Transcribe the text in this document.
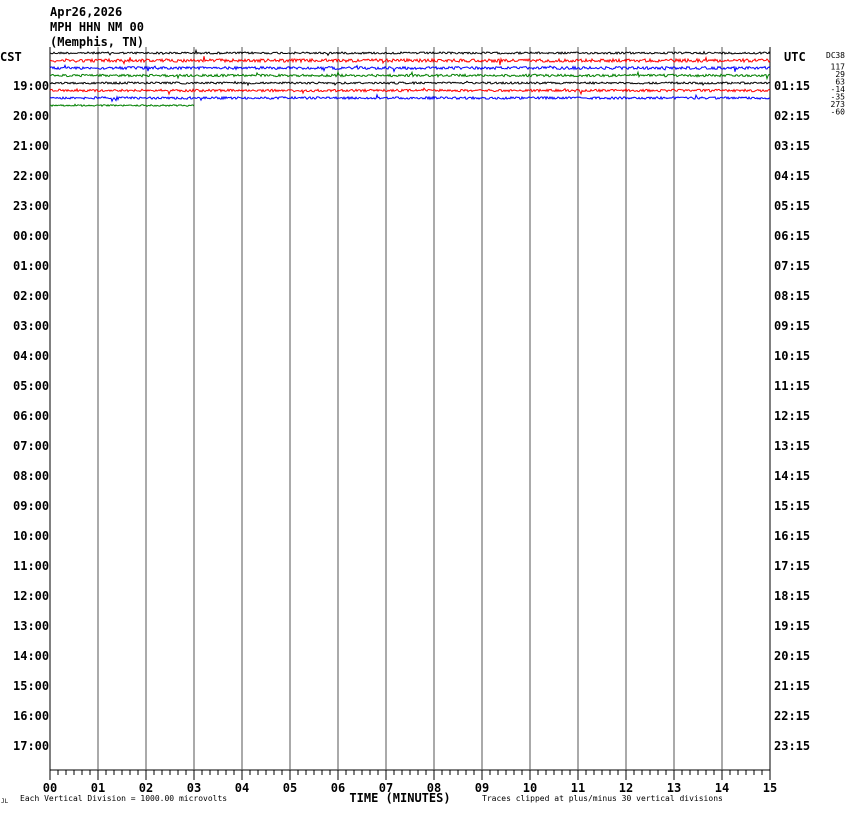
Apr26,2026
MPH HHN NM 00
(Memphis, TN)
00	01	02	03	04	05	06	07	08	09	10	11	12	13	14	15
TIME (MINUTES)
CST	UTC
19:00
20:00
21:00
22:00
23:00
00:00
01:00
02:00
03:00
04:00
05:00
06:00
07:00
08:00
09:00
10:00
11:00
12:00
13:00
14:00
15:00
16:00
17:00
01:15
02:15
03:15
04:15
05:15
06:15
07:15
08:15
09:15
10:15
11:15
12:15
13:15
14:15
15:15
16:15
17:15
18:15
19:15
20:15
21:15
22:15
23:15
DC 38
117
29
63
-14
-35
273
-60
JL Each Vertical Division = 1000.00 microvolts	Traces clipped at plus/minus 30 vertical divisions
